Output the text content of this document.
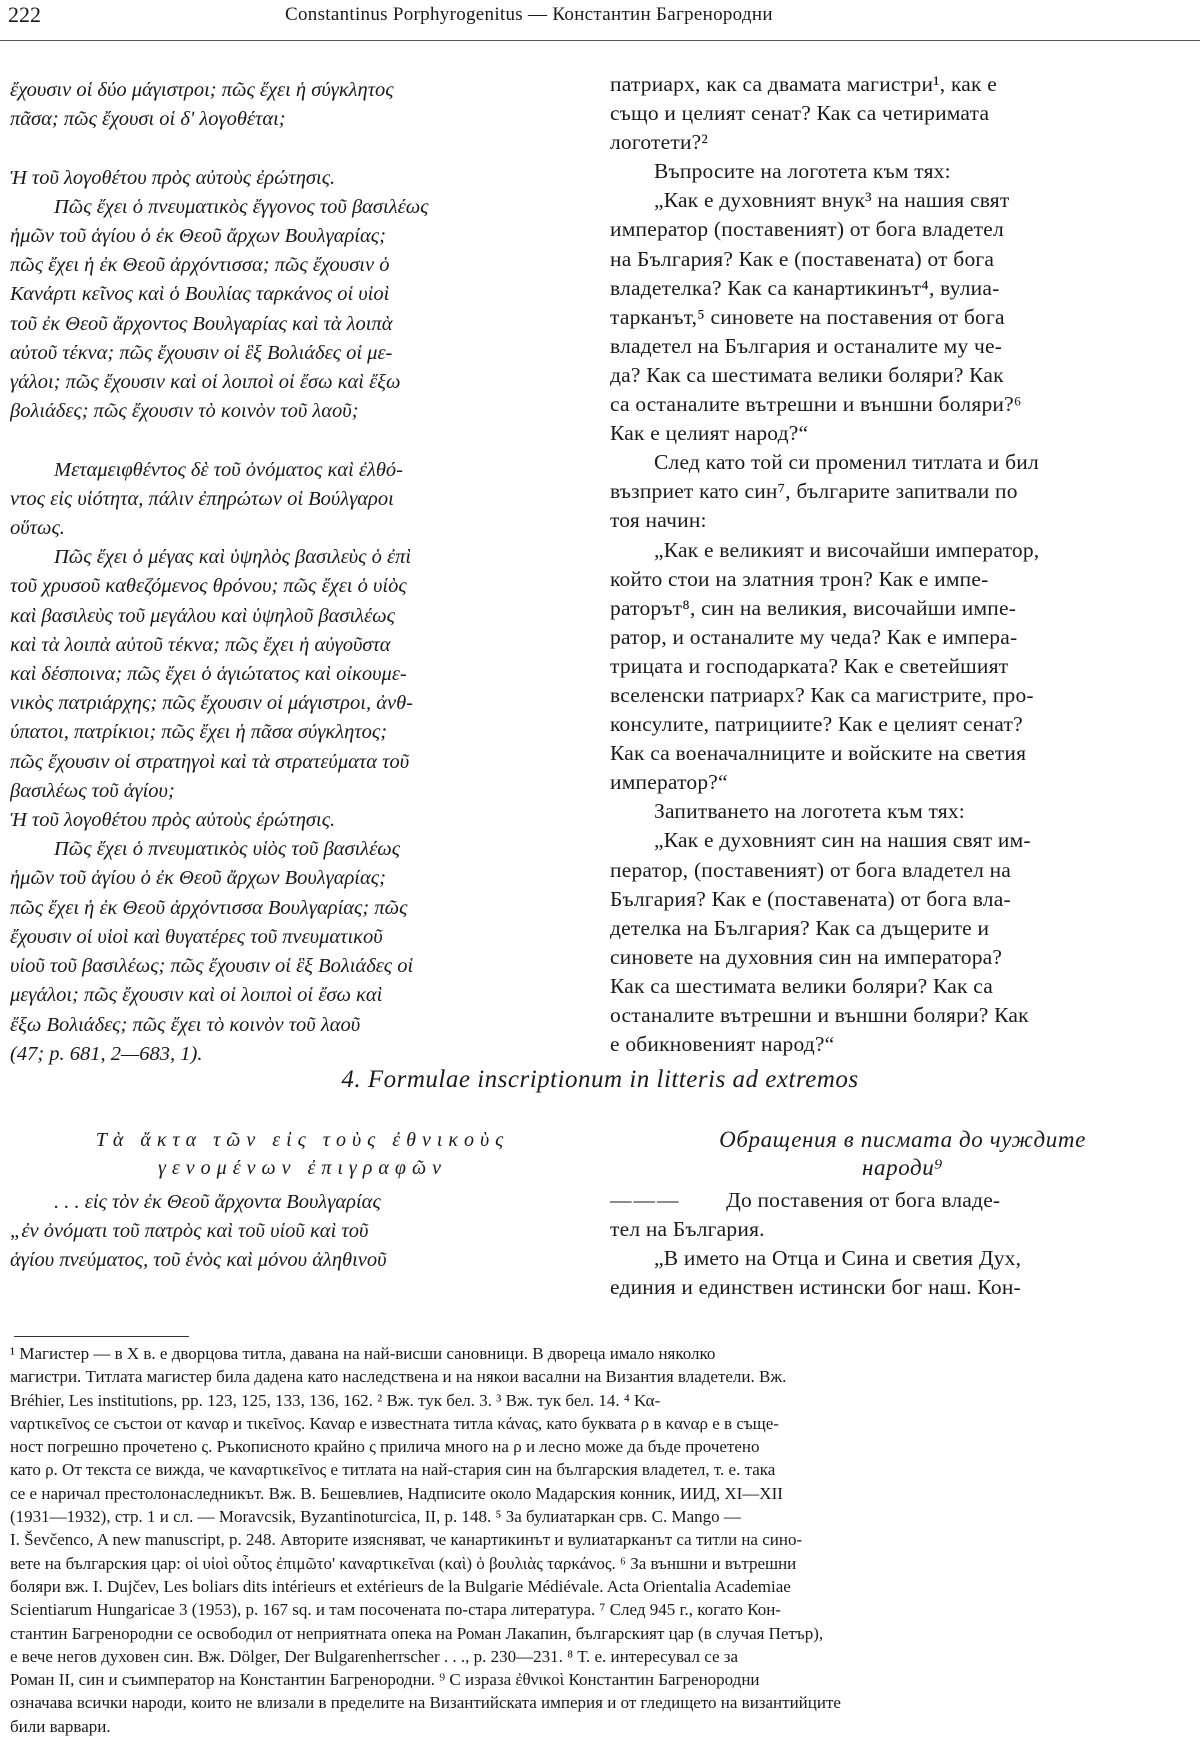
222	Constantinus Porphyrogenitus — Константин Багренородни
ἔχουσιν οἱ δύο μάγιστροι; πῶς ἔχει ἡ σύγκλητος
πᾶσα; πῶς ἔχουσι οἱ δʹ λογοθέται;

Ἡ τοῦ λογοθέτου πρὸς αὐτοὺς ἐρώτησις.
Πῶς ἔχει ὁ πνευματικὸς ἔγγονος τοῦ βασιλέως
ἡμῶν τοῦ ἁγίου ὁ ἐκ Θεοῦ ἄρχων Βουλγαρίας;
πῶς ἔχει ἡ ἐκ Θεοῦ ἀρχόντισσα; πῶς ἔχουσιν ὁ
Κανάρτι κεῖνος καὶ ὁ Βουλίας ταρκάνος οἱ υἱοὶ
τοῦ ἐκ Θεοῦ ἄρχοντος Βουλγαρίας καὶ τὰ λοιπὰ
αὐτοῦ τέκνα; πῶς ἔχουσιν οἱ ἓξ Βολιάδες οἱ με-
γάλοι; πῶς ἔχουσιν καὶ οἱ λοιποὶ οἱ ἔσω καὶ ἔξω
βολιάδες; πῶς ἔχουσιν τὸ κοινὸν τοῦ λαοῦ;

Μεταμειφθέντος δὲ τοῦ ὀνόματος καὶ ἐλθό-
ντος εἰς υἱότητα, πάλιν ἐπηρώτων οἱ Βούλγαροι
οὕτως.
Πῶς ἔχει ὁ μέγας καὶ ὑψηλὸς βασιλεὺς ὁ ἐπὶ
τοῦ χρυσοῦ καθεζόμενος θρόνου; πῶς ἔχει ὁ υἱὸς
καὶ βασιλεὺς τοῦ μεγάλου καὶ ὑψηλοῦ βασιλέως
καὶ τὰ λοιπὰ αὐτοῦ τέκνα; πῶς ἔχει ἡ αὐγοῦστα
καὶ δέσποινα; πῶς ἔχει ὁ ἁγιώτατος καὶ οἰκουμε-
νικὸς πατριάρχης; πῶς ἔχουσιν οἱ μάγιστροι, ἀνθ-
ύπατοι, πατρίκιοι; πῶς ἔχει ἡ πᾶσα σύγκλητος;
πῶς ἔχουσιν οἱ στρατηγοὶ καὶ τὰ στρατεύματα τοῦ
βασιλέως τοῦ ἁγίου;
Ἡ τοῦ λογοθέτου πρὸς αὐτοὺς ἐρώτησις.
Πῶς ἔχει ὁ πνευματικὸς υἱὸς τοῦ βασιλέως
ἡμῶν τοῦ ἁγίου ὁ ἐκ Θεοῦ ἄρχων Βουλγαρίας;
πῶς ἔχει ἡ ἐκ Θεοῦ ἀρχόντισσα Βουλγαρίας; πῶς
ἔχουσιν οἱ υἱοὶ καὶ θυγατέρες τοῦ πνευματικοῦ
υἱοῦ τοῦ βασιλέως; πῶς ἔχουσιν οἱ ἓξ Βολιάδες οἱ
μεγάλοι; πῶς ἔχουσιν καὶ οἱ λοιποὶ οἱ ἔσω καὶ
ἔξω Βολιάδες; πῶς ἔχει τὸ κοινὸν τοῦ λαοῦ
(47; p. 681, 2—683, 1).
патриарх, как са двамата магистри¹, как е
също и целият сенат? Как са четиримата
логотети?²
Въпросите на логотета към тях:
„Как е духовният внук³ на нашия свят
император (поставеният) от бога владетел
на България? Как е (поставената) от бога
владетелка? Как са канартикинът⁴, вулиа-
тарканът,⁵ синовете на поставения от бога
владетел на България и останалите му че-
да? Как са шестимата велики боляри? Как
са останалите вътрешни и външни боляри?⁶
Как е целият народ?“
След като той си променил титлата и бил
възприет като син⁷, българите запитвали по
тоя начин:
„Как е великият и височайши император,
който стои на златния трон? Как е импе-
раторът⁸, син на великия, височайши импе-
ратор, и останалите му чеда? Как е импера-
трицата и господарката? Как е светейшият
вселенски патриарх? Как са магистрите, про-
консулите, патрициите? Как е целият сенат?
Как са военачалниците и войските на светия
император?“
Запитването на логотета към тях:
„Как е духовният син на нашия свят им-
ператор, (поставеният) от бога владетел на
България? Как е (поставената) от бога вла-
детелка на България? Как са дъщерите и
синовете на духовния син на императора?
Как са шестимата велики боляри? Как са
останалите вътрешни и външни боляри? Как
е обикновеният народ?“
4. Formulae inscriptionum in litteris ad extremos
Τὰ ἄκτα τῶν εἰς τοὺς ἐθνικοὺς
γενομένων ἐπιγραφῶν
. . . εἰς τὸν ἐκ Θεοῦ ἄρχοντα Βουλγαρίας
„ἐν ὀνόματι τοῦ πατρὸς καὶ τοῦ υἱοῦ καὶ τοῦ
ἁγίου πνεύματος, τοῦ ἑνὸς καὶ μόνου ἀληθινοῦ
Обращения в писмата до чуждите
народи⁹
——— До поставения от бога владе-
тел на България.
„В името на Отца и Сина и светия Дух,
единия и единствен истински бог наш. Кон-
¹ Магистер — в X в. е дворцова титла, давана на най-висши сановници. В двореца имало няколко
магистри. Титлата магистер била дадена като наследствена и на някои васални на Византия владетели. Вж.
Bréhier, Les institutions, pp. 123, 125, 133, 136, 162. ² Вж. тук бел. 3. ³ Вж. тук бел. 14. ⁴ Κα-
ναρτικεῖνος се състои от καναρ и τικεῖνος. Καναρ е известната титла κάνας, като буквата ρ в καναρ е в съще-
ност погрешно прочетено ς. Ръкописното крайно ς прилича много на ρ и лесно може да бъде прочетено
като ρ. От текста се вижда, че καναρτικεῖνος е титлата на най-стария син на българския владетел, т. е. така
се е наричал престолонаследникът. Вж. В. Бешевлиев, Надписите около Мадарския конник, ИИД, XI—XII
(1931—1932), стр. 1 и сл. — Moravcsik, Byzantinoturcica, II, p. 148. ⁵ За булиатаркан срв. C. Mango —
I. Ševčenco, A new manuscript, p. 248. Авторите изясняват, че канартикинът и вулиатарканът са титли на сино-
вете на българския цар: οἱ υἱοὶ οὗτος ἐπιμῶτο' καναρτικεῖναι (καὶ) ὁ βουλιὰς ταρκάνος. ⁶ За външни и вътрешни
боляри вж. I. Dujčev, Les boliars dits intérieurs et extérieurs de la Bulgarie Médiévale. Acta Orientalia Academiae
Scientiarum Hungaricae 3 (1953), p. 167 sq. и там посочената по-стара литература. ⁷ След 945 г., когато Кон-
стантин Багренородни се освободил от неприятната опека на Роман Лакапин, българският цар (в случая Петър),
е вече негов духовен син. Вж. Dölger, Der Bulgarenherrscher . . ., p. 230—231. ⁸ Т. е. интересувал се за
Роман II, син и съимператор на Константин Багренородни. ⁹ С израза ἐθνικοὶ Константин Багренородни
означава всички народи, които не влизали в пределите на Византийската империя и от гледището на византийците
били варвари.
